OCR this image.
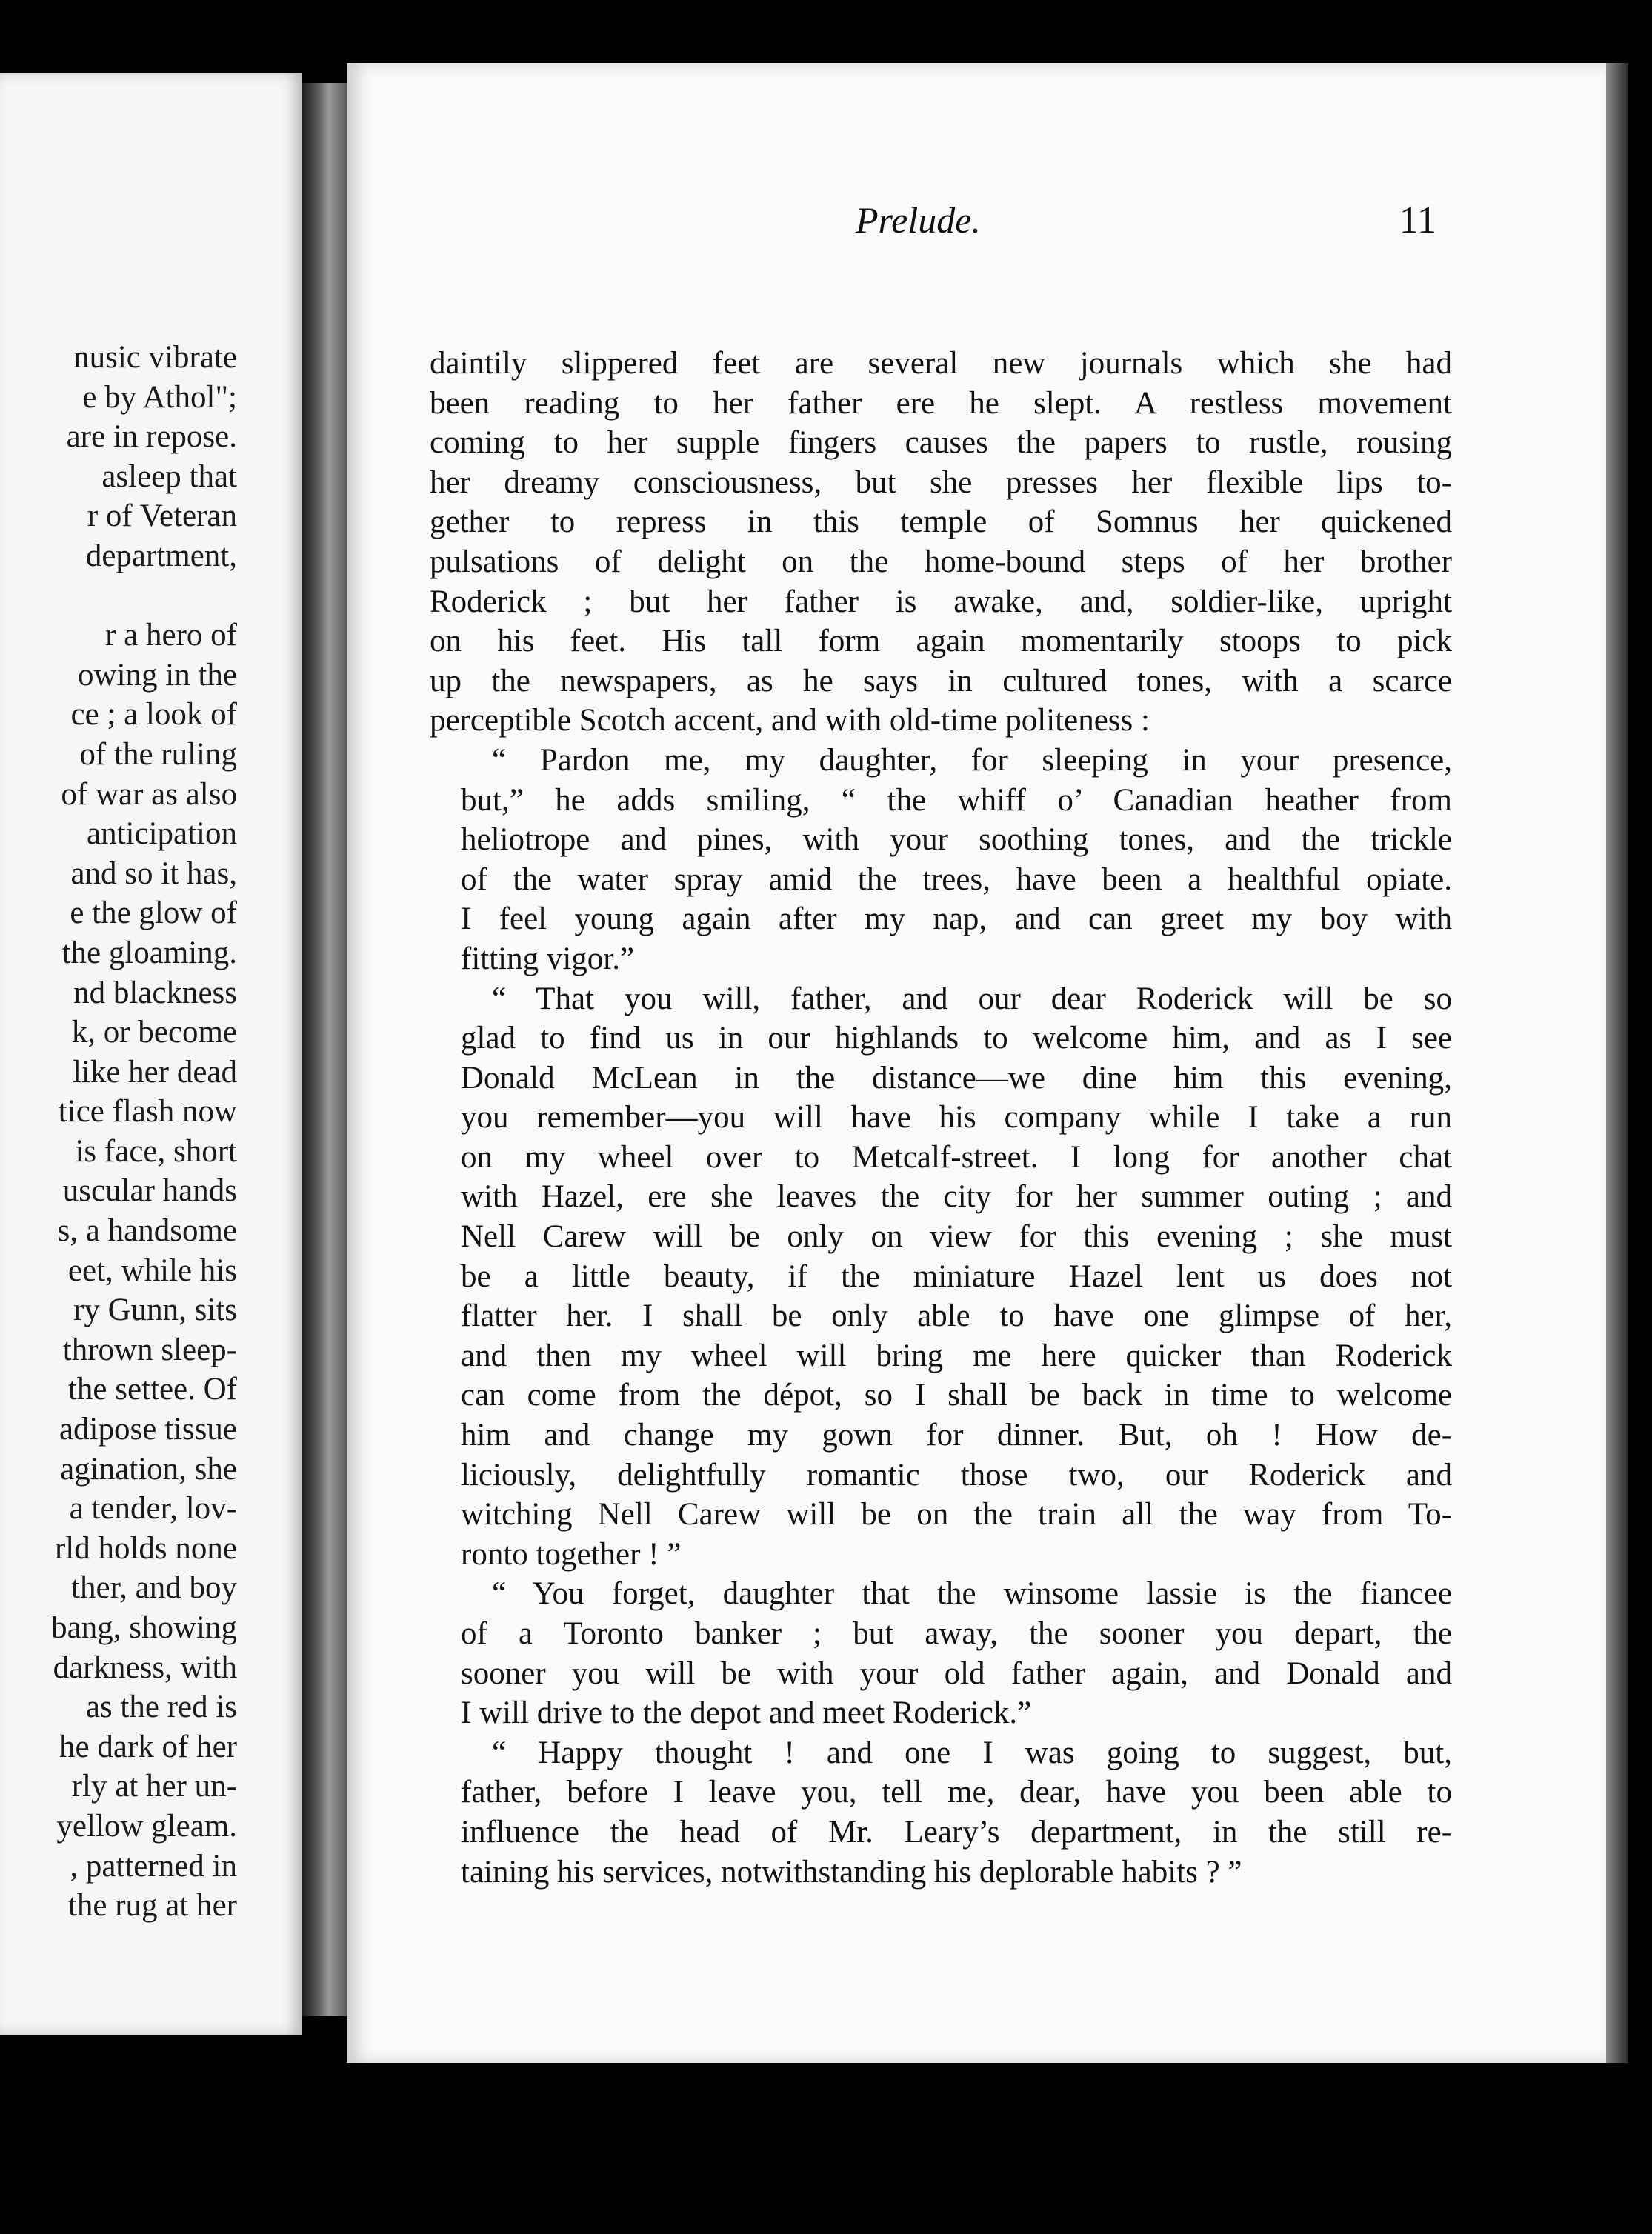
nusic vibrate
e by Athol";
are in repose.
asleep that
r of Veteran
department,

r a hero of
owing in the
ce ; a look of
of the ruling
of war as also
anticipation
and so it has,
e the glow of
the gloaming.
nd blackness
k, or become
like her dead
tice flash now
is face, short
uscular hands
s, a handsome
eet, while his
ry Gunn, sits
thrown sleep-
the settee. Of
adipose tissue
agination, she
a tender, lov-
rld holds none
ther, and boy
bang, showing
darkness, with
as the red is
he dark of her
rly at her un-
yellow gleam.
, patterned in
the rug at her
Prelude.	11
daintily slippered feet are several new journals which she had
been reading to her father ere he slept. A restless movement
coming to her supple fingers causes the papers to rustle, rousing
her dreamy consciousness, but she presses her flexible lips to-
gether to repress in this temple of Somnus her quickened
pulsations of delight on the home-bound steps of her brother
Roderick ; but her father is awake, and, soldier-like, upright
on his feet. His tall form again momentarily stoops to pick
up the newspapers, as he says in cultured tones, with a scarce
perceptible Scotch accent, and with old-time politeness :
“ Pardon me, my daughter, for sleeping in your presence,
but,” he adds smiling, “ the whiff o’ Canadian heather from
heliotrope and pines, with your soothing tones, and the trickle
of the water spray amid the trees, have been a healthful opiate.
I feel young again after my nap, and can greet my boy with
fitting vigor.”
“ That you will, father, and our dear Roderick will be so
glad to find us in our highlands to welcome him, and as I see
Donald McLean in the distance—we dine him this evening,
you remember—you will have his company while I take a run
on my wheel over to Metcalf-street. I long for another chat
with Hazel, ere she leaves the city for her summer outing ; and
Nell Carew will be only on view for this evening ; she must
be a little beauty, if the miniature Hazel lent us does not
flatter her. I shall be only able to have one glimpse of her,
and then my wheel will bring me here quicker than Roderick
can come from the dépot, so I shall be back in time to welcome
him and change my gown for dinner. But, oh ! How de-
liciously, delightfully romantic those two, our Roderick and
witching Nell Carew will be on the train all the way from To-
ronto together ! ”
“ You forget, daughter that the winsome lassie is the fiancee
of a Toronto banker ; but away, the sooner you depart, the
sooner you will be with your old father again, and Donald and
I will drive to the depot and meet Roderick.”
“ Happy thought ! and one I was going to suggest, but,
father, before I leave you, tell me, dear, have you been able to
influence the head of Mr. Leary’s department, in the still re-
taining his services, notwithstanding his deplorable habits ? ”
